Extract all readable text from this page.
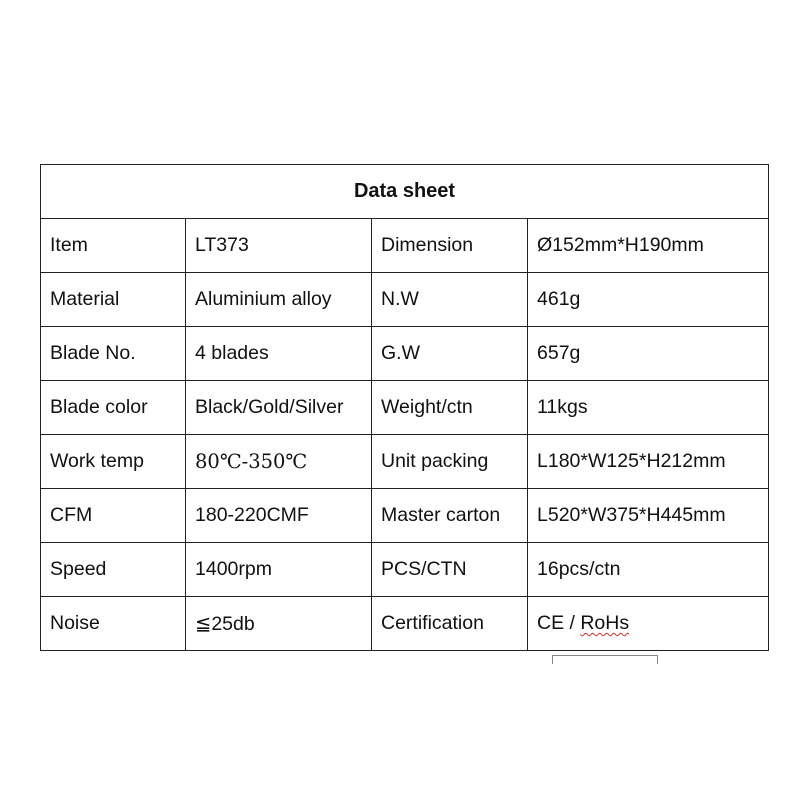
Data sheet			
Item	LT373	Dimension	Ø152mm*H190mm
Material	Aluminium alloy	N.W	461g
Blade No.	4 blades	G.W	657g
Blade color	Black/Gold/Silver	Weight/ctn	11kgs
Work temp	80℃-350℃	Unit packing	L180*W125*H212mm
CFM	180-220CMF	Master carton	L520*W375*H445mm
Speed	1400rpm	PCS/CTN	16pcs/ctn
Noise	≦25db	Certification	CE / RoHs
